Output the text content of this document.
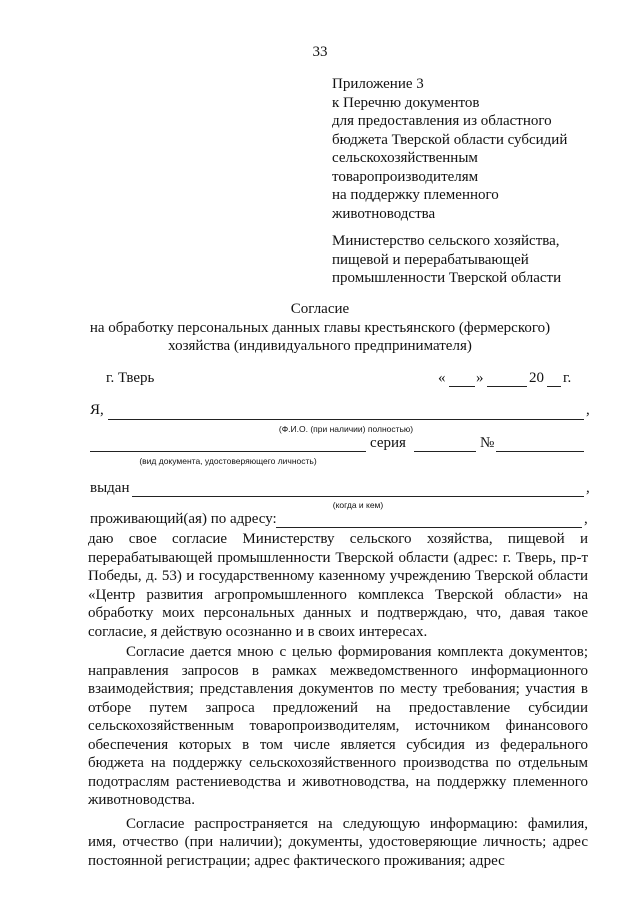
33
Приложение 3
к Перечню документов
для предоставления из областного
бюджета Тверской области субсидий
сельскохозяйственным
товаропроизводителям
на поддержку племенного
животноводства
Министерство сельского хозяйства,
пищевой и перерабатывающей
промышленности Тверской области
Согласие
на обработку персональных данных главы крестьянского (фермерского)
хозяйства (индивидуального предпринимателя)
г. Тверь	« »	20 г.
Я,	,
(Ф.И.О. (при наличии) полностью)
серия	№
(вид документа, удостоверяющего личность)
выдан	,
(когда и кем)
проживающий(ая) по адресу:	,

даю свое согласие Министерству сельского хозяйства, пищевой и перерабатывающей промышленности Тверской области (адрес: г. Тверь, пр-т Победы, д. 53) и государственному казенному учреждению Тверской области «Центр развития агропромышленного комплекса Тверской области» на обработку моих персональных данных и подтверждаю, что, давая такое согласие, я действую осознанно и в своих интересах.

Согласие дается мною с целью формирования комплекта документов; направления запросов в рамках межведомственного информационного взаимодействия; представления документов по месту требования; участия в отборе путем запроса предложений на предоставление субсидии сельскохозяйственным товаропроизводителям, источником финансового обеспечения которых в том числе является субсидия из федерального бюджета на поддержку сельскохозяйственного производства по отдельным подотраслям растениеводства и животноводства, на поддержку племенного животноводства.

Согласие распространяется на следующую информацию: фамилия, имя, отчество (при наличии); документы, удостоверяющие личность; адрес постоянной регистрации; адрес фактического проживания; адрес
